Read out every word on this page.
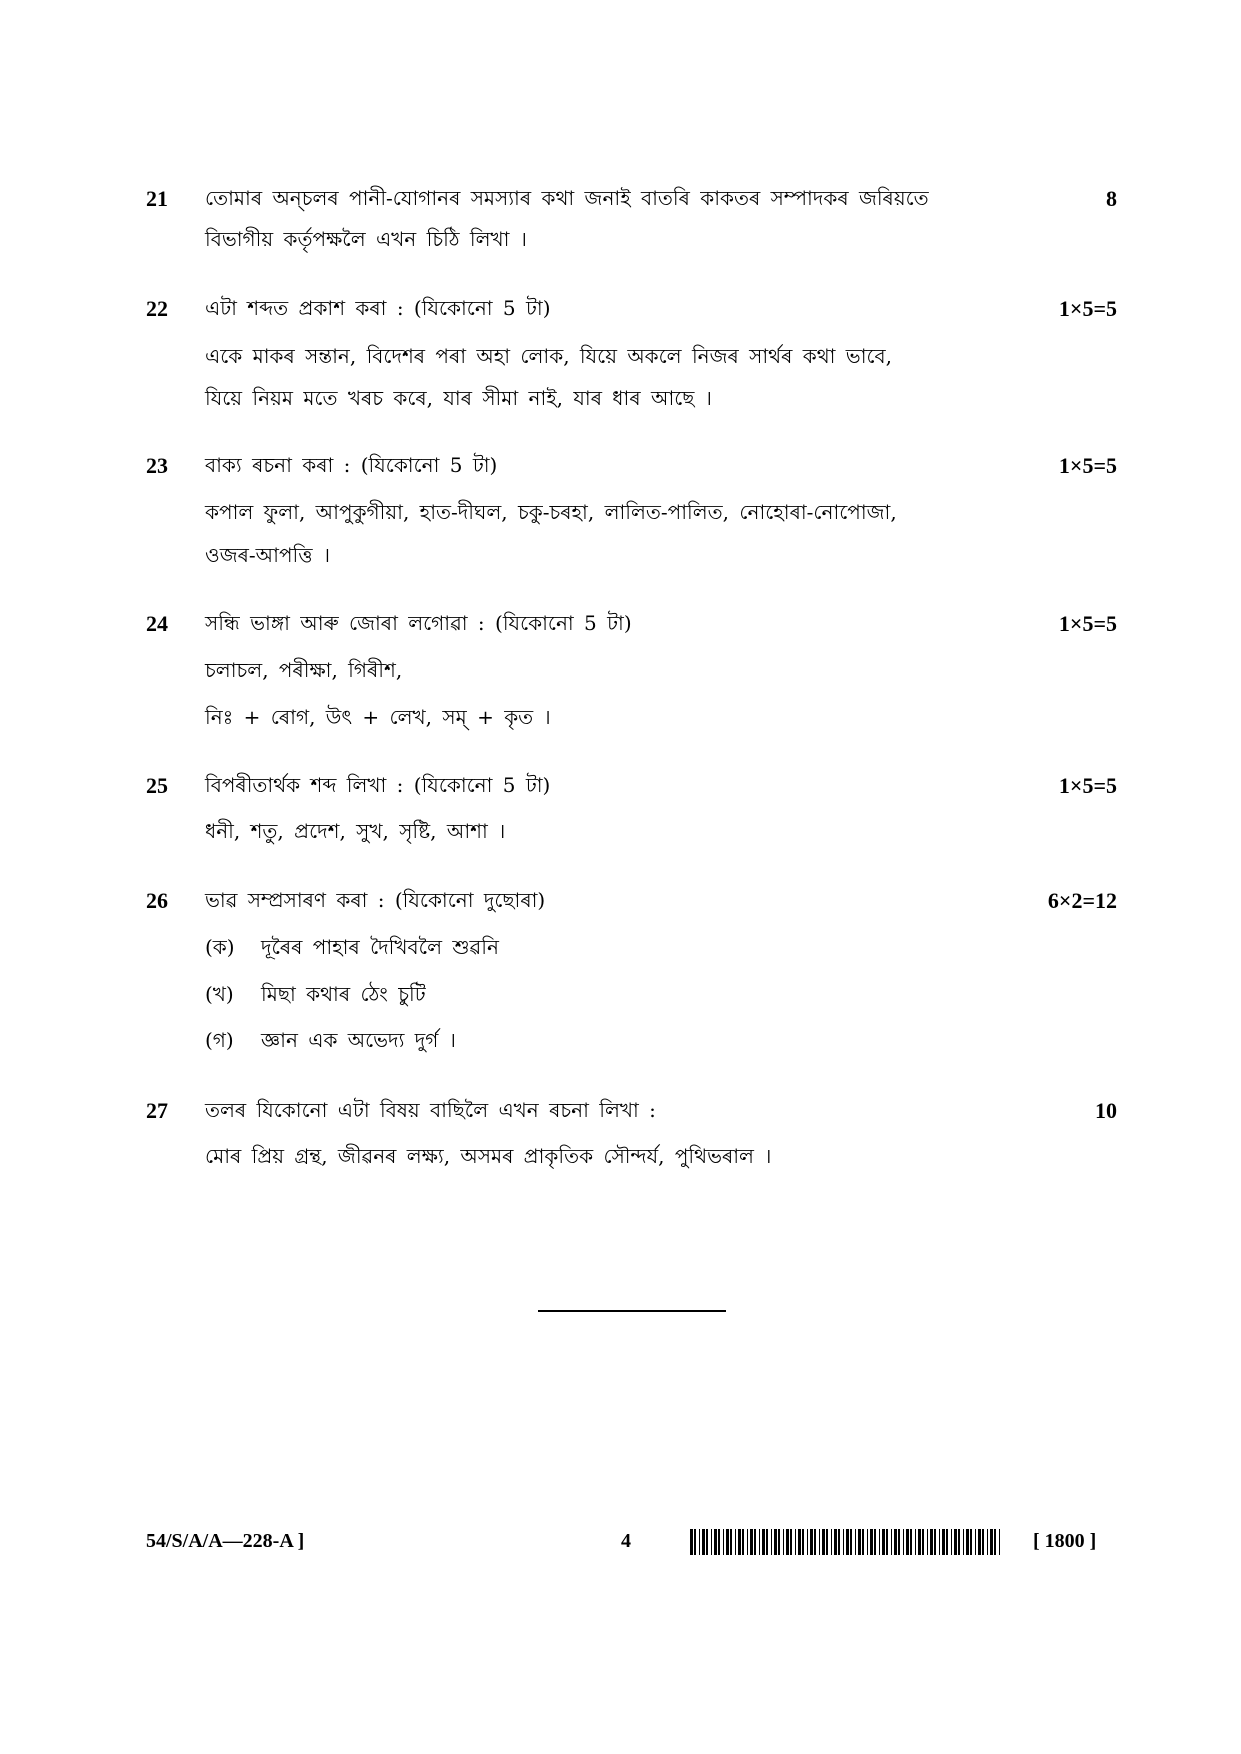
21 তোমাৰ অন্চলৰ পানী-যোগানৰ সমস্যাৰ কথা জনাই বাতৰি কাকতৰ সম্পাদকৰ জৰিয়তে	8
বিভাগীয় কৰ্তৃপক্ষলৈ এখন চিঠি লিখা ।
22 এটা শব্দত প্ৰকাশ কৰা : (যিকোনো 5 টা)	1×5=5
একে মাকৰ সন্তান, বিদেশৰ পৰা অহা লোক, যিয়ে অকলে নিজৰ সাৰ্থৰ কথা ভাবে,
যিয়ে নিয়ম মতে খৰচ কৰে, যাৰ সীমা নাই, যাৰ ধাৰ আছে ।
23 বাক্য ৰচনা কৰা : (যিকোনো 5 টা)	1×5=5
কপাল ফুলা, আপুকুগীয়া, হাত-দীঘল, চকু-চৰহা, লালিত-পালিত, নোহোৰা-নোপোজা,
ওজৰ-আপত্তি ।
24 সন্ধি ভাঙ্গা আৰু জোৰা লগোৱা : (যিকোনো 5 টা)	1×5=5
চলাচল, পৰীক্ষা, গিৰীশ,
নিঃ + ৰোগ, উৎ + লেখ, সম্ + কৃত ।
25 বিপৰীতাৰ্থক শব্দ লিখা : (যিকোনো 5 টা)	1×5=5
ধনী, শতু, প্ৰদেশ, সুখ, সৃষ্টি, আশা ।
26 ভাৱ সম্প্ৰসাৰণ কৰা : (যিকোনো দুছোৰা)	6×2=12
(ক) দূৰৈৰ পাহাৰ দৈখিবলৈ শুৱনি
(খ) মিছা কথাৰ ঠেং চুটি
(গ) জ্ঞান এক অভেদ্য দুৰ্গ ।
27 তলৰ যিকোনো এটা বিষয় বাছিলৈ এখন ৰচনা লিখা :	10
মোৰ প্ৰিয় গ্ৰন্থ, জীৱনৰ লক্ষ্য, অসমৰ প্ৰাকৃতিক সৌন্দৰ্য, পুথিভৰাল ।
54/S/A/A—228-A ]	4	[ 1800 ]
